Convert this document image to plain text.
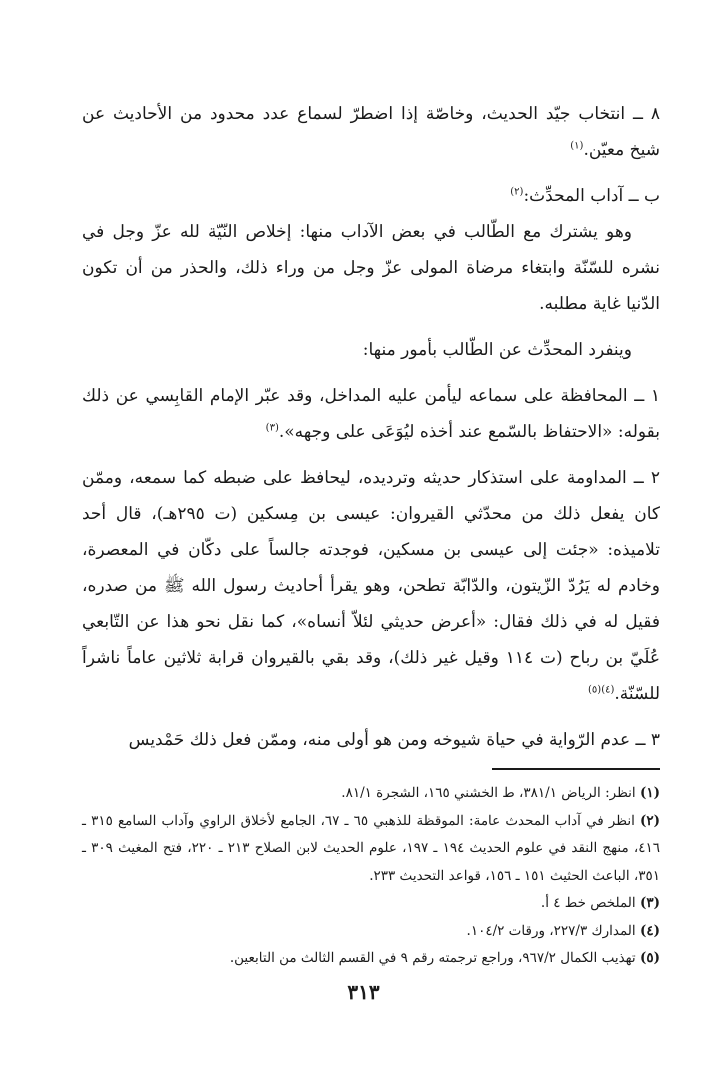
٨ ــ انتخاب جيّد الحديث، وخاصّة إذا اضطرّ لسماع عدد محدود من الأحاديث عن شيخ معيّن.$^{(١)}$

ب ــ آداب المحدِّث:$^{(٢)}$

وهو يشترك مع الطّالب في بعض الآداب منها: إخلاص النّيّة لله عزّ وجل في نشره للسّنّة وابتغاء مرضاة المولى عزّ وجل من وراء ذلك، والحذر من أن تكون الدّنيا غاية مطلبه.

وينفرد المحدِّث عن الطّالب بأمور منها:

١ ــ المحافظة على سماعه ليأمن عليه المداخل، وقد عبّر الإمام القابِسي عن ذلك بقوله: «الاحتفاظ بالسّمع عند أخذه ليُوَعَى على وجهه».$^{(٣)}$

٢ ــ المداومة على استذكار حديثه وترديده، ليحافظ على ضبطه كما سمعه، وممّن كان يفعل ذلك من محدّثي القيروان: عيسى بن مِسكين (ت ٢٩٥هـ)، قال أحد تلاميذه: «جئت إلى عيسى بن مسكين، فوجدته جالساً على دكّان في المعصرة، وخادم له يَرُدّ الزّيتون، والدّابّة تطحن، وهو يقرأ أحاديث رسول الله ﷺ من صدره، فقيل له في ذلك فقال: «أعرض حديثي لئلاّ أنساه»، كما نقل نحو هذا عن التّابعي عُلَيّ بن رباح (ت ١١٤ وقيل غير ذلك)، وقد بقي بالقيروان قرابة ثلاثين عاماً ناشراً للسّنّة.$^{(٤)(٥)}$

٣ ــ عدم الرّواية في حياة شيوخه ومن هو أولى منه، وممّن فعل ذلك حَمْديس

(١) انظر: الرياض ٣٨١/١، ط الخشني ١٦٥، الشجرة ٨١/١.

(٢) انظر في آداب المحدث عامة: الموقظة للذهبي ٦٥ ـ ٦٧، الجامع لأخلاق الراوي وآداب السامع ٣١٥ ـ ٤١٦، منهج النقد في علوم الحديث ١٩٤ ـ ١٩٧، علوم الحديث لابن الصلاح ٢١٣ ـ ٢٢٠، فتح المغيث ٣٠٩ ـ ٣٥١، الباعث الحثيث ١٥١ ـ ١٥٦، قواعد التحديث ٢٣٣.

(٣) الملخص خط ٤ أ.

(٤) المدارك ٢٢٧/٣، ورقات ١٠٤/٢.

(٥) تهذيب الكمال ٩٦٧/٢، وراجع ترجمته رقم ٩ في القسم الثالث من التابعين.

٣١٣
